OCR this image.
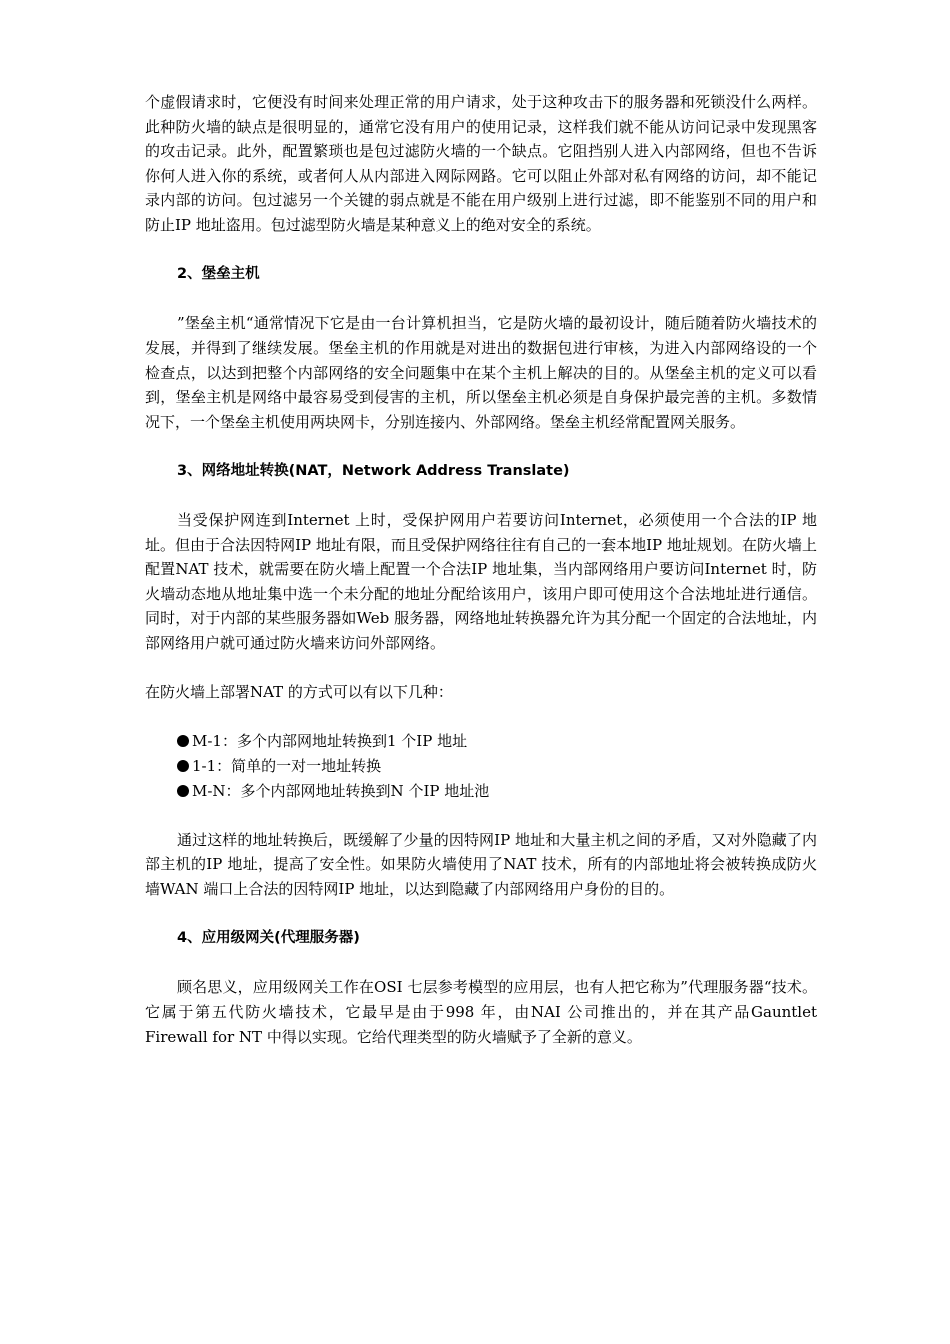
个虚假请求时，它便没有时间来处理正常的用户请求，处于这种攻击下的服务器和死锁没什么两样。此种防火墙的缺点是很明显的，通常它没有用户的使用记录，这样我们就不能从访问记录中发现黑客的攻击记录。此外，配置繁琐也是包过滤防火墙的一个缺点。它阻挡别人进入内部网络，但也不告诉你何人进入你的系统，或者何人从内部进入网际网路。它可以阻止外部对私有网络的访问，却不能记录内部的访问。包过滤另一个关键的弱点就是不能在用户级别上进行过滤，即不能鉴别不同的用户和防止IP 地址盗用。包过滤型防火墙是某种意义上的绝对安全的系统。

2、堡垒主机

”堡垒主机“通常情况下它是由一台计算机担当，它是防火墙的最初设计，随后随着防火墙技术的发展，并得到了继续发展。堡垒主机的作用就是对进出的数据包进行审核，为进入内部网络设的一个检查点，以达到把整个内部网络的安全问题集中在某个主机上解决的目的。从堡垒主机的定义可以看到，堡垒主机是网络中最容易受到侵害的主机，所以堡垒主机必须是自身保护最完善的主机。多数情况下，一个堡垒主机使用两块网卡，分别连接内、外部网络。堡垒主机经常配置网关服务。

3、网络地址转换(NAT，Network Address Translate)

当受保护网连到Internet 上时，受保护网用户若要访问Internet，必须使用一个合法的IP 地址。但由于合法因特网IP 地址有限，而且受保护网络往往有自己的一套本地IP 地址规划。在防火墙上配置NAT 技术，就需要在防火墙上配置一个合法IP 地址集，当内部网络用户要访问Internet 时，防火墙动态地从地址集中选一个未分配的地址分配给该用户，该用户即可使用这个合法地址进行通信。同时，对于内部的某些服务器如Web 服务器，网络地址转换器允许为其分配一个固定的合法地址，内部网络用户就可通过防火墙来访问外部网络。

在防火墙上部署NAT 的方式可以有以下几种：

M-1：多个内部网地址转换到1 个IP 地址
1-1：简单的一对一地址转换
M-N：多个内部网地址转换到N 个IP 地址池

通过这样的地址转换后，既缓解了少量的因特网IP 地址和大量主机之间的矛盾，又对外隐藏了内部主机的IP 地址，提高了安全性。如果防火墙使用了NAT 技术，所有的内部地址将会被转换成防火墙WAN 端口上合法的因特网IP 地址，以达到隐藏了内部网络用户身份的目的。

4、应用级网关(代理服务器)

顾名思义，应用级网关工作在OSI 七层参考模型的应用层，也有人把它称为”代理服务器“技术。它属于第五代防火墙技术，它最早是由于998 年，由NAI 公司推出的，并在其产品Gauntlet Firewall for NT 中得以实现。它给代理类型的防火墙赋予了全新的意义。
